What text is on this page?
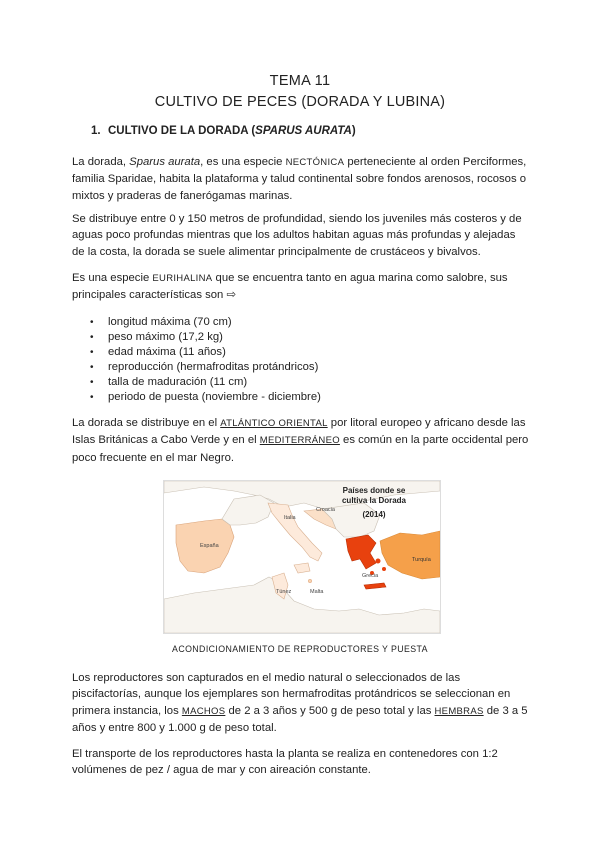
TEMA 11
CULTIVO DE PECES (DORADA Y LUBINA)
1. CULTIVO DE LA DORADA (SPARUS AURATA)

La dorada, Sparus aurata, es una especie NECTÓNICA perteneciente al orden Perciformes, familia Sparidae, habita la plataforma y talud continental sobre fondos arenosos, rocosos o mixtos y praderas de fanerógamas marinas.

Se distribuye entre 0 y 150 metros de profundidad, siendo los juveniles más costeros y de aguas poco profundas mientras que los adultos habitan aguas más profundas y alejadas de la costa, la dorada se suele alimentar principalmente de crustáceos y bivalvos.

Es una especie EURIHALINA que se encuentra tanto en agua marina como salobre, sus principales características son ⇨

• longitud máxima (70 cm)
• peso máximo (17,2 kg)
• edad máxima (11 años)
• reproducción (hermafroditas protándricos)
• talla de maduración (11 cm)
• periodo de puesta (noviembre - diciembre)

La dorada se distribuye en el ATLÁNTICO ORIENTAL por litoral europeo y africano desde las Islas Británicas a Cabo Verde y en el MEDITERRÁNEO es común en la parte occidental pero poco frecuente en el mar Negro.

Países donde se
cultiva la Dorada
(2014)
España
Italia
Croacia
Grecia
Turquía
Túnez	Malta
ACONDICIONAMIENTO DE REPRODUCTORES Y PUESTA

Los reproductores son capturados en el medio natural o seleccionados de las piscifactorías, aunque los ejemplares son hermafroditas protándricos se seleccionan en primera instancia, los MACHOS de 2 a 3 años y 500 g de peso total y las HEMBRAS de 3 a 5 años y entre 800 y 1.000 g de peso total.

El transporte de los reproductores hasta la planta se realiza en contenedores con 1:2 volúmenes de pez / agua de mar y con aireación constante.
